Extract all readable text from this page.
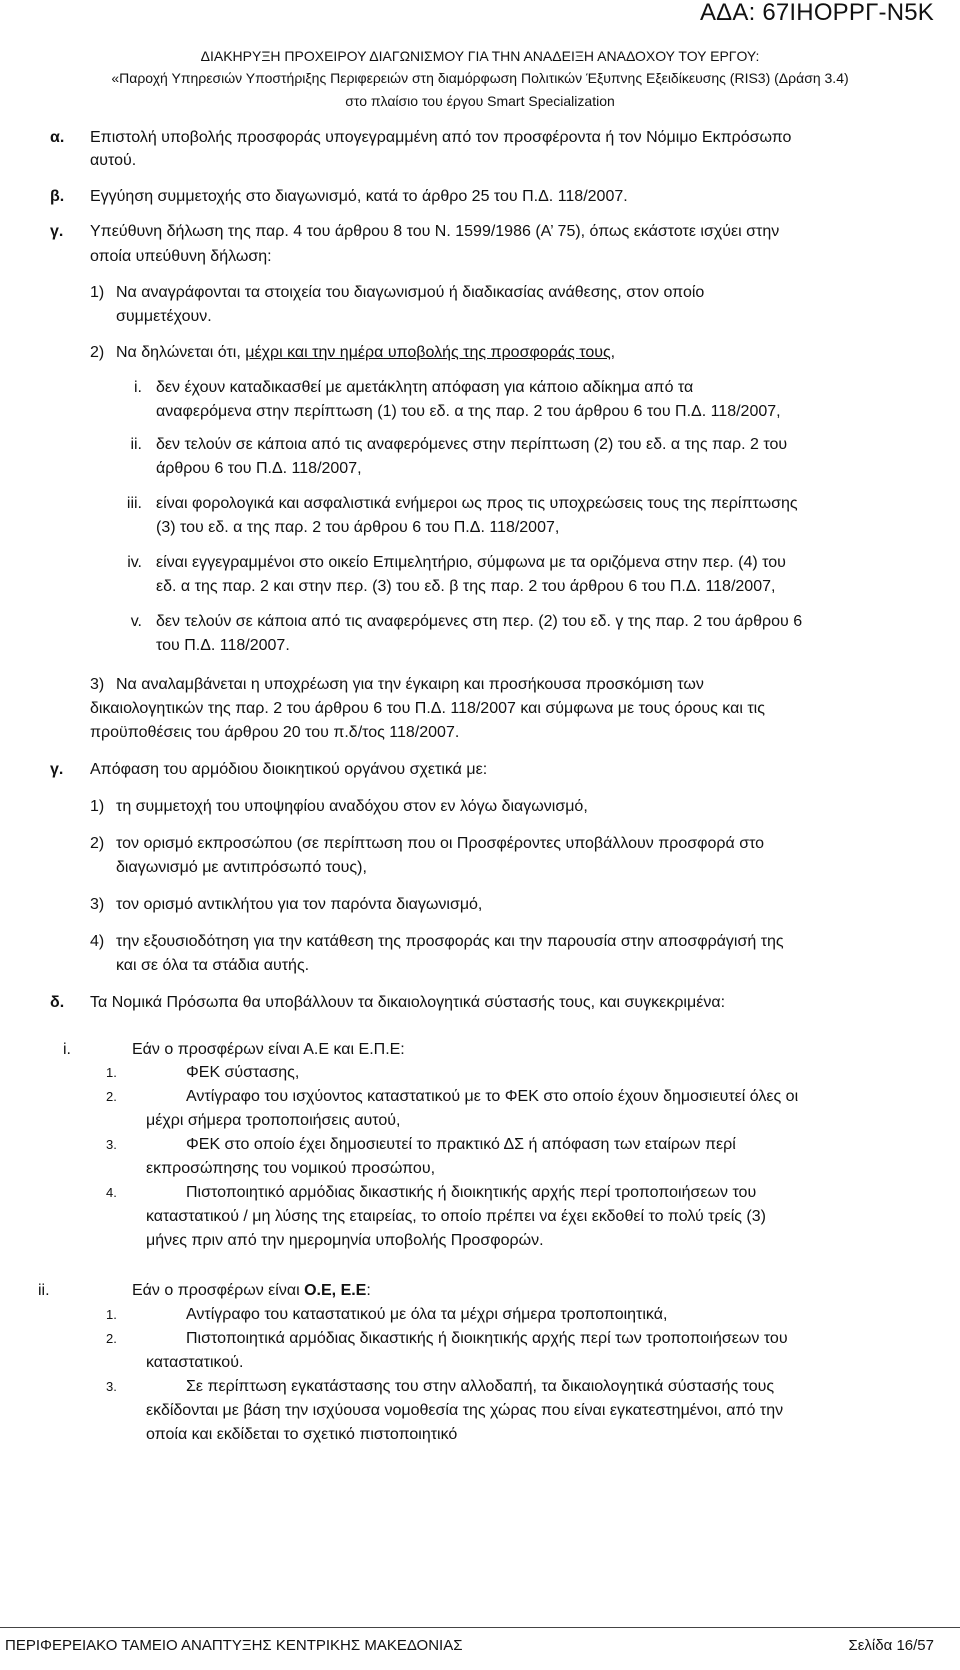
ΑΔΑ: 67ΙΗΟΡΡΓ-Ν5Κ
ΔΙΑΚΗΡΥΞΗ ΠΡΟΧΕΙΡΟΥ ΔΙΑΓΩΝΙΣΜΟΥ ΓΙΑ ΤΗΝ ΑΝΑΔΕΙΞΗ ΑΝΑΔΟΧΟΥ ΤΟΥ ΕΡΓΟΥ:
«Παροχή Υπηρεσιών Υποστήριξης Περιφερειών στη διαμόρφωση Πολιτικών Έξυπνης Εξειδίκευσης (RIS3) (Δράση 3.4)
στο πλαίσιο του έργου Smart Specialization
α. Επιστολή υποβολής προσφοράς υπογεγραμμένη από τον προσφέροντα ή τον Νόμιμο Εκπρόσωπο
αυτού.
β. Εγγύηση συμμετοχής στο διαγωνισμό, κατά το άρθρο 25 του Π.Δ. 118/2007.
γ. Υπεύθυνη δήλωση της παρ. 4 του άρθρου 8 του Ν. 1599/1986 (Α’ 75), όπως εκάστοτε ισχύει στην
οποία υπεύθυνη δήλωση:
1) Να αναγράφονται τα στοιχεία του διαγωνισμού ή διαδικασίας ανάθεσης, στον οποίο
συμμετέχουν.
2) Να δηλώνεται ότι, μέχρι και την ημέρα υποβολής της προσφοράς τους,
i. δεν έχουν καταδικασθεί με αμετάκλητη απόφαση για κάποιο αδίκημα από τα
αναφερόμενα στην περίπτωση (1) του εδ. α της παρ. 2 του άρθρου 6 του Π.Δ. 118/2007,
ii. δεν τελούν σε κάποια από τις αναφερόμενες στην περίπτωση (2) του εδ. α της παρ. 2 του
άρθρου 6 του Π.Δ. 118/2007,
iii. είναι φορολογικά και ασφαλιστικά ενήμεροι ως προς τις υποχρεώσεις τους της περίπτωσης
(3) του εδ. α της παρ. 2 του άρθρου 6 του Π.Δ. 118/2007,
iv. είναι εγγεγραμμένοι στο οικείο Επιμελητήριο, σύμφωνα με τα οριζόμενα στην περ. (4) του
εδ. α της παρ. 2 και στην περ. (3) του εδ. β της παρ. 2 του άρθρου 6 του Π.Δ. 118/2007,
v. δεν τελούν σε κάποια από τις αναφερόμενες στη περ. (2) του εδ. γ της παρ. 2 του άρθρου 6
του Π.Δ. 118/2007.
3) Να αναλαμβάνεται η υποχρέωση για την έγκαιρη και προσήκουσα προσκόμιση των
δικαιολογητικών της παρ. 2 του άρθρου 6 του Π.Δ. 118/2007 και σύμφωνα με τους όρους και τις
προϋποθέσεις του άρθρου 20 του π.δ/τος 118/2007.
γ. Απόφαση του αρμόδιου διοικητικού οργάνου σχετικά με:
1) τη συμμετοχή του υποψηφίου αναδόχου στον εν λόγω διαγωνισμό,
2) τον ορισμό εκπροσώπου (σε περίπτωση που οι Προσφέροντες υποβάλλουν προσφορά στο
διαγωνισμό με αντιπρόσωπό τους),
3) τον ορισμό αντικλήτου για τον παρόντα διαγωνισμό,
4) την εξουσιοδότηση για την κατάθεση της προσφοράς και την παρουσία στην αποσφράγισή της
και σε όλα τα στάδια αυτής.
δ. Τα Νομικά Πρόσωπα θα υποβάλλουν τα δικαιολογητικά σύστασής τους, και συγκεκριμένα:
i.	Εάν ο προσφέρων είναι Α.Ε και Ε.Π.Ε:
1.	ΦΕΚ σύστασης,
2.	Αντίγραφο του ισχύοντος καταστατικού με το ΦΕΚ στο οποίο έχουν δημοσιευτεί όλες οι
μέχρι σήμερα τροποποιήσεις αυτού,
3.	ΦΕΚ στο οποίο έχει δημοσιευτεί το πρακτικό ΔΣ ή απόφαση των εταίρων περί
εκπροσώπησης του νομικού προσώπου,
4.	Πιστοποιητικό αρμόδιας δικαστικής ή διοικητικής αρχής περί τροποποιήσεων του
καταστατικού / μη λύσης της εταιρείας, το οποίο πρέπει να έχει εκδοθεί το πολύ τρείς (3)
μήνες πριν από την ημερομηνία υποβολής Προσφορών.
ii.	Εάν ο προσφέρων είναι Ο.Ε, Ε.Ε:
1.	Αντίγραφο του καταστατικού με όλα τα μέχρι σήμερα τροποποιητικά,
2.	Πιστοποιητικά αρμόδιας δικαστικής ή διοικητικής αρχής περί των τροποποιήσεων του
καταστατικού.
3.	Σε περίπτωση εγκατάστασης του στην αλλοδαπή, τα δικαιολογητικά σύστασής τους
εκδίδονται με βάση την ισχύουσα νομοθεσία της χώρας που είναι εγκατεστημένοι, από την
οποία και εκδίδεται το σχετικό πιστοποιητικό
ΠΕΡΙΦΕΡΕΙΑΚΟ ΤΑΜΕΙΟ ΑΝΑΠΤΥΞΗΣ ΚΕΝΤΡΙΚΗΣ ΜΑΚΕΔΟΝΙΑΣ	Σελίδα 16/57
